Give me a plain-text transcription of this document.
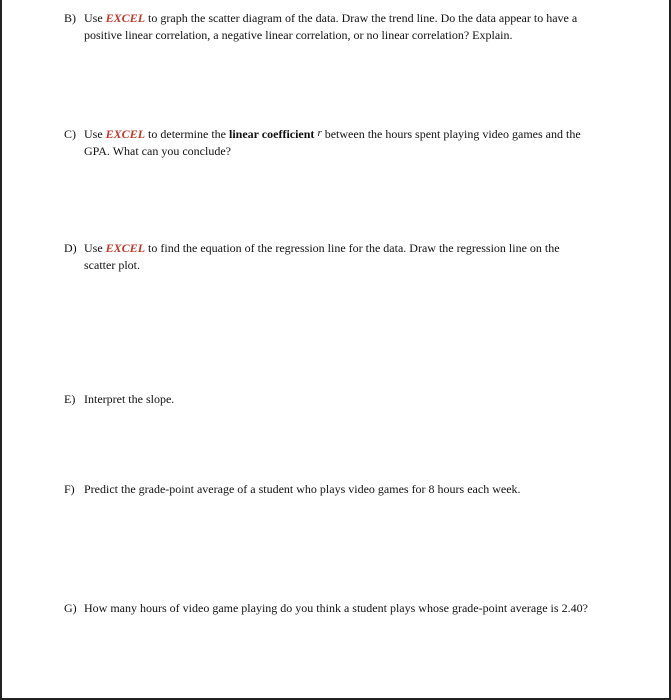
B) Use EXCEL to graph the scatter diagram of the data. Draw the trend line. Do the data appear to have a
positive linear correlation, a negative linear correlation, or no linear correlation? Explain.
C) Use EXCEL to determine the linear coefficient r between the hours spent playing video games and the
GPA. What can you conclude?
D) Use EXCEL to find the equation of the regression line for the data. Draw the regression line on the
scatter plot.
E) Interpret the slope.
F) Predict the grade-point average of a student who plays video games for 8 hours each week.
G) How many hours of video game playing do you think a student plays whose grade-point average is 2.40?
